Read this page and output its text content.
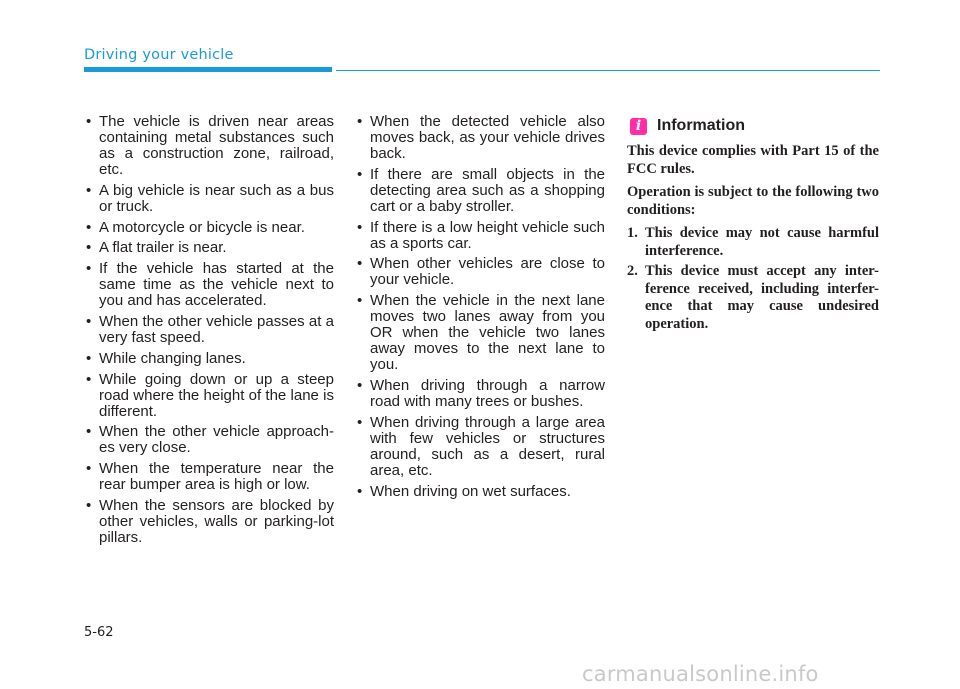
Driving your vehicle
• The vehicle is driven near areas containing metal substances such as a construction zone, railroad, etc.
• A big vehicle is near such as a bus or truck.
• A motorcycle or bicycle is near.
• A flat trailer is near.
• If the vehicle has started at the same time as the vehicle next to you and has accelerated.
• When the other vehicle passes at a very fast speed.
• While changing lanes.
• While going down or up a steep road where the height of the lane is different.
• When the other vehicle approach- es very close.
• When the temperature near the rear bumper area is high or low.
• When the sensors are blocked by other vehicles, walls or parking-lot pillars.
• When the detected vehicle also moves back, as your vehicle drives back.
• If there are small objects in the detecting area such as a shopping cart or a baby stroller.
• If there is a low height vehicle such as a sports car.
• When other vehicles are close to your vehicle.
• When the vehicle in the next lane moves two lanes away from you OR when the vehicle two lanes away moves to the next lane to you.
• When driving through a narrow road with many trees or bushes.
• When driving through a large area with few vehicles or structures around, such as a desert, rural area, etc.
• When driving on wet surfaces.
i Information

This device complies with Part 15 of the FCC rules.

Operation is subject to the following two conditions:

1. This device may not cause harmful interference.
2. This device must accept any inter- ference received, including interfer- ence that may cause undesired operation.
5-62
carmanualsonline.info
